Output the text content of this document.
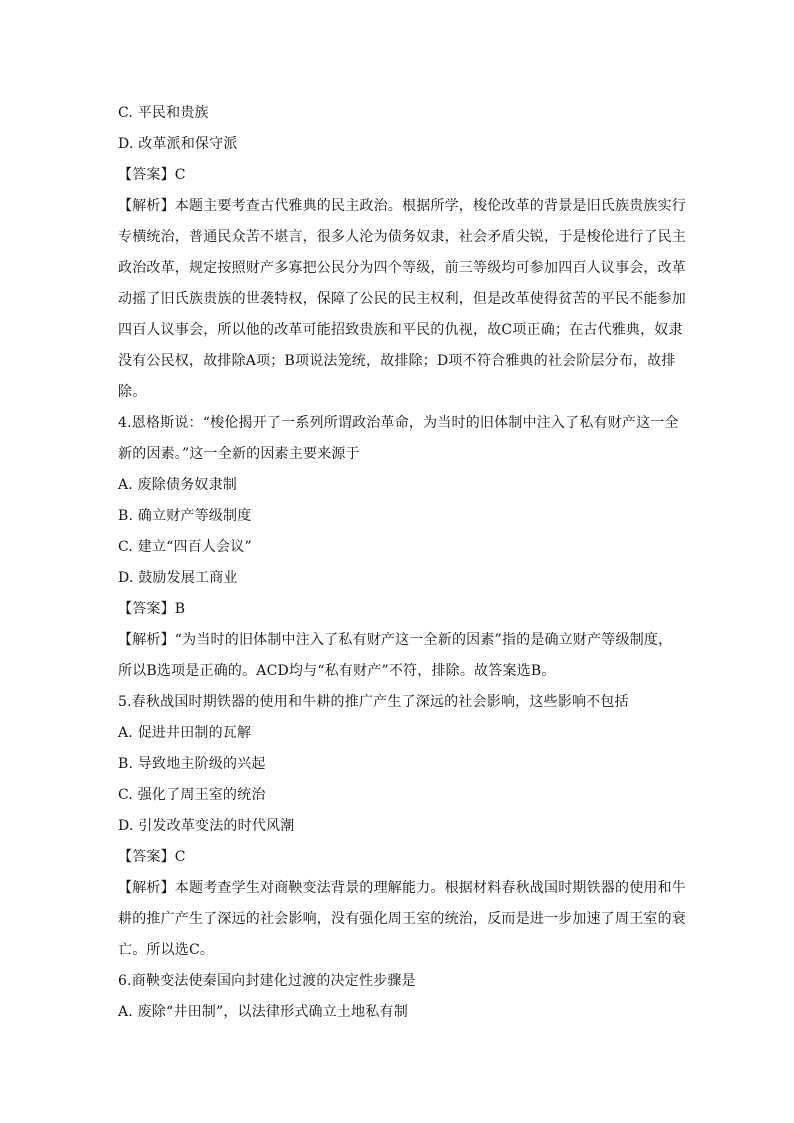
C. 平民和贵族
D. 改革派和保守派
【答案】C
【解析】本题主要考查古代雅典的民主政治。根据所学，梭伦改革的背景是旧氏族贵族实行
专横统治，普通民众苦不堪言，很多人沦为债务奴隶，社会矛盾尖锐，于是梭伦进行了民主
政治改革，规定按照财产多寡把公民分为四个等级，前三等级均可参加四百人议事会，改革
动摇了旧氏族贵族的世袭特权，保障了公民的民主权利，但是改革使得贫苦的平民不能参加
四百人议事会，所以他的改革可能招致贵族和平民的仇视，故C项正确；在古代雅典，奴隶
没有公民权，故排除A项；B项说法笼统，故排除；D项不符合雅典的社会阶层分布，故排
除。
4.恩格斯说：“梭伦揭开了一系列所谓政治革命，为当时的旧体制中注入了私有财产这一全
新的因素。”这一全新的因素主要来源于
A. 废除债务奴隶制
B. 确立财产等级制度
C. 建立“四百人会议”
D. 鼓励发展工商业
【答案】B
【解析】“为当时的旧体制中注入了私有财产这一全新的因素”指的是确立财产等级制度，
所以B选项是正确的。ACD均与“私有财产”不符，排除。故答案选B。
5.春秋战国时期铁器的使用和牛耕的推广产生了深远的社会影响，这些影响不包括
A. 促进井田制的瓦解
B. 导致地主阶级的兴起
C. 强化了周王室的统治
D. 引发改革变法的时代风潮
【答案】C
【解析】本题考查学生对商鞅变法背景的理解能力。根据材料春秋战国时期铁器的使用和牛
耕的推广产生了深远的社会影响，没有强化周王室的统治，反而是进一步加速了周王室的衰
亡。所以选C。
6.商鞅变法使秦国向封建化过渡的决定性步骤是
A. 废除“井田制”，以法律形式确立土地私有制
